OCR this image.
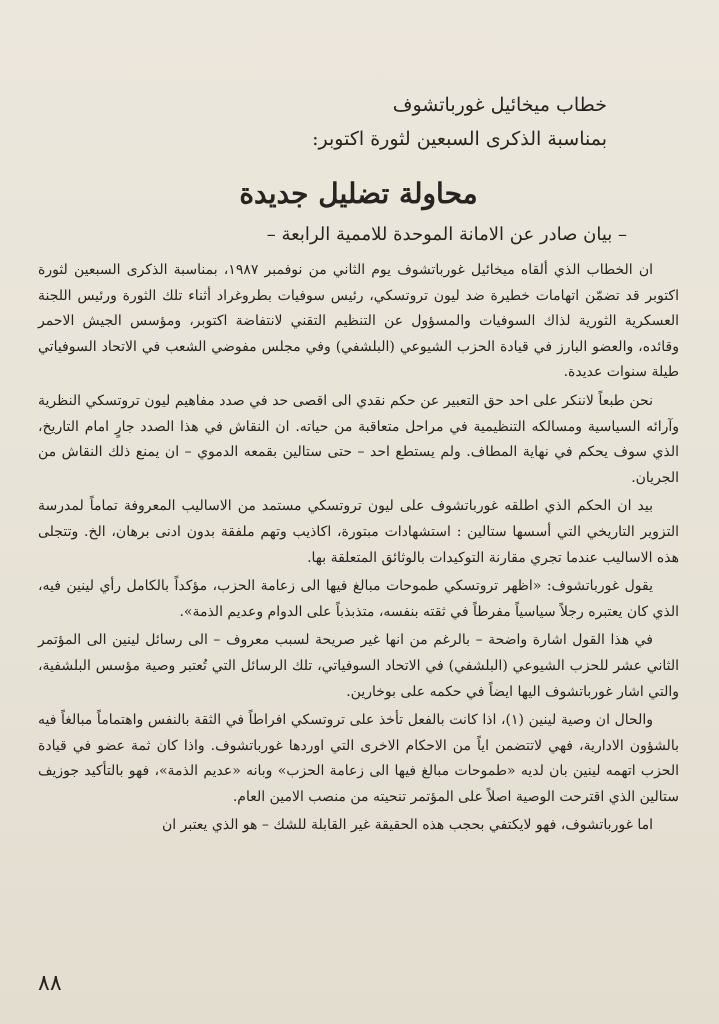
خطاب ميخائيل غورباتشوف

بمناسبة الذكرى السبعين لثورة اكتوبر:

محاولة تضليل جديدة
– بيان صادر عن الامانة الموحدة للاممية الرابعة –

ان الخطاب الذي ألقاه ميخائيل غورباتشوف يوم الثاني من نوفمبر ١٩٨٧، بمناسبة الذكرى السبعين لثورة اكتوبر قد تضمّن اتهامات خطيرة ضد ليون تروتسكي، رئيس سوفيات بطروغراد أثناء تلك الثورة ورئيس اللجنة العسكرية الثورية لذاك السوفيات والمسؤول عن التنظيم التقني لانتفاضة اكتوبر، ومؤسس الجيش الاحمر وقائده، والعضو البارز في قيادة الحزب الشيوعي (البلشفي) وفي مجلس مفوضي الشعب في الاتحاد السوفياتي طيلة سنوات عديدة.

نحن طبعاً لاننكر على احد حق التعبير عن حكم نقدي الى اقصى حد في صدد مفاهيم ليون تروتسكي النظرية وآرائه السياسية ومسالكه التنظيمية في مراحل متعاقبة من حياته. ان النقاش في هذا الصدد جارٍ امام التاريخ، الذي سوف يحكم في نهاية المطاف. ولم يستطع احد – حتى ستالين بقمعه الدموي – ان يمنع ذلك النقاش من الجريان.

بيد ان الحكم الذي اطلقه غورباتشوف على ليون تروتسكي مستمد من الاساليب المعروفة تماماً لمدرسة التزوير التاريخي التي أسسها ستالين : استشهادات مبتورة، اكاذيب وتهم ملفقة بدون ادنى برهان، الخ. وتتجلى هذه الاساليب عندما تجري مقارنة التوكيدات بالوثائق المتعلقة بها.

يقول غورباتشوف: «اظهر تروتسكي طموحات مبالغ فيها الى زعامة الحزب، مؤكداً بالكامل رأي لينين فيه، الذي كان يعتبره رجلاً سياسياً مفرطاً في ثقته بنفسه، متذبذباً على الدوام وعديم الذمة».

في هذا القول اشارة واضحة – بالرغم من انها غير صريحة لسبب معروف – الى رسائل لينين الى المؤتمر الثاني عشر للحزب الشيوعي (البلشفي) في الاتحاد السوفياتي، تلك الرسائل التي تُعتبر وصية مؤسس البلشفية، والتي اشار غورباتشوف اليها ايضاً في حكمه على بوخارين.

والحال ان وصية لينين (١)، اذا كانت بالفعل تأخذ على تروتسكي افراطاً في الثقة بالنفس واهتماماً مبالغاً فيه بالشؤون الادارية، فهي لاتتضمن اياً من الاحكام الاخرى التي اوردها غورباتشوف. واذا كان ثمة عضو في قيادة الحزب اتهمه لينين بان لديه «طموحات مبالغ فيها الى زعامة الحزب» وبانه «عديم الذمة»، فهو بالتأكيد جوزيف ستالين الذي اقترحت الوصية اصلاً على المؤتمر تنحيته من منصب الامين العام.

اما غورباتشوف، فهو لايكتفي بحجب هذه الحقيقة غير القابلة للشك – هو الذي يعتبر ان

٨٨
